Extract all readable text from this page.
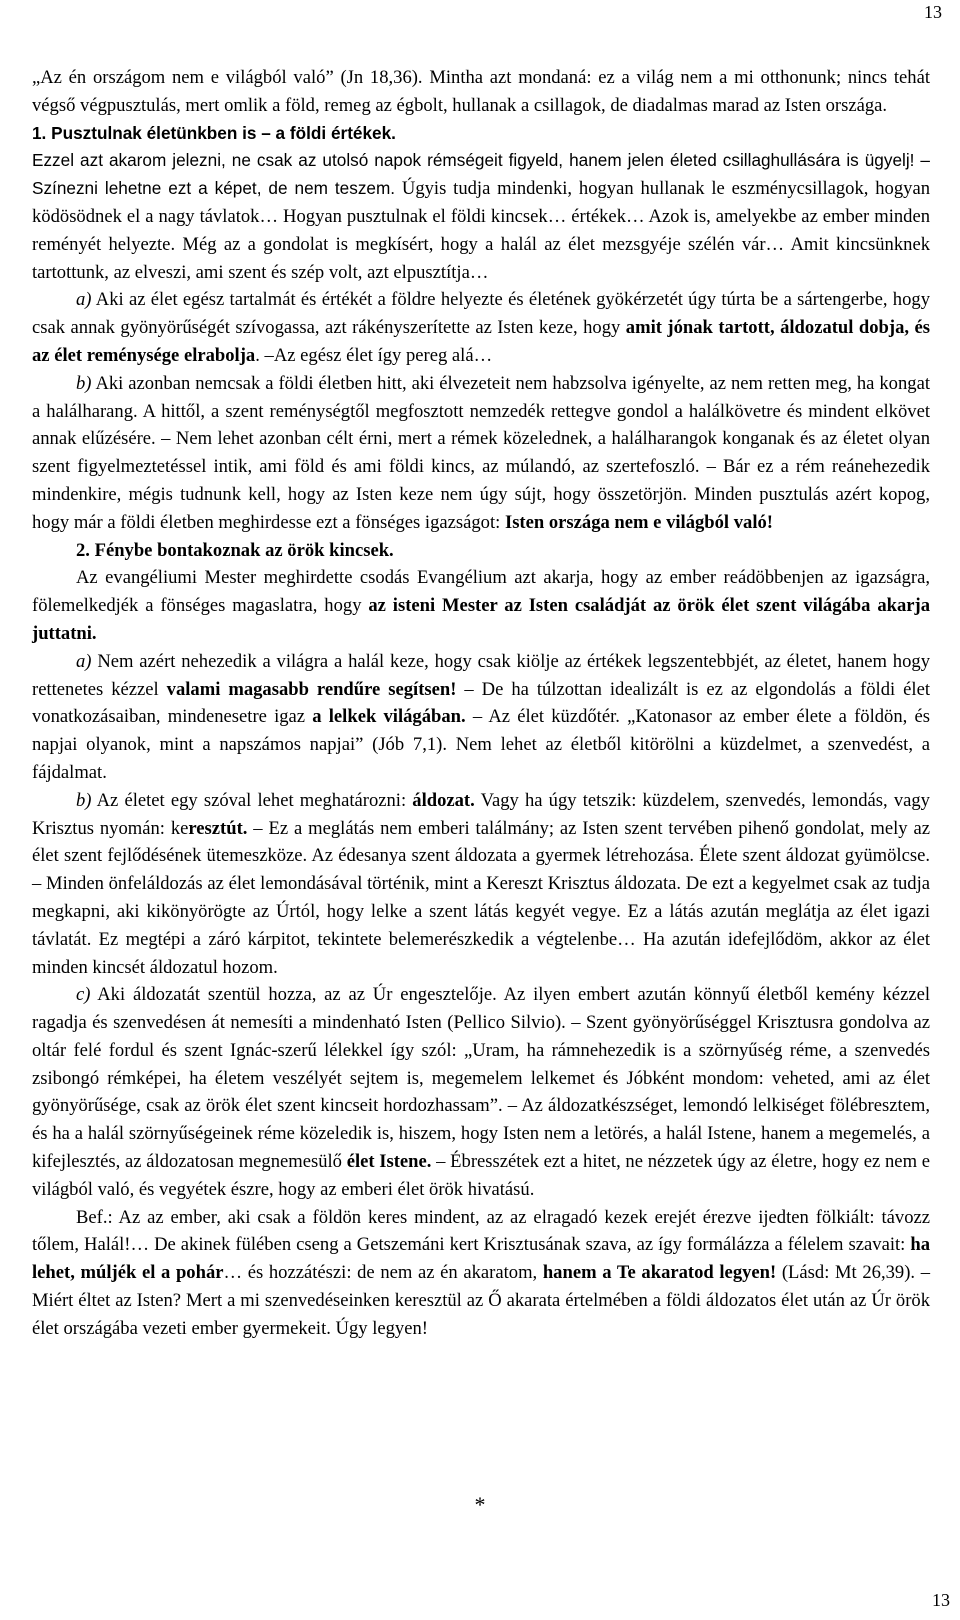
13

„Az én országom nem e világból való” (Jn 18,36). Mintha azt mondaná: ez a világ nem a mi otthonunk; nincs tehát végső végpusztulás, mert omlik a föld, remeg az égbolt, hullanak a csillagok, de diadalmas marad az Isten országa.

1. Pusztulnak életünkben is – a földi értékek.

Ezzel azt akarom jelezni, ne csak az utolsó napok rémségeit figyeld, hanem jelen életed csillaghullására is ügyelj! –Színezni lehetne ezt a képet, de nem teszem. Úgyis tudja mindenki, hogyan hullanak le eszménycsillagok, hogyan ködösödnek el a nagy távlatok… Hogyan pusztulnak el földi kincsek… értékek… Azok is, amelyekbe az ember minden reményét helyezte. Még az a gondolat is megkísért, hogy a halál az élet mezsgyéje szélén vár… Amit kincsünknek tartottunk, az elveszi, ami szent és szép volt, azt elpusztítja…

a) Aki az élet egész tartalmát és értékét a földre helyezte és életének gyökérzetét úgy túrta be a sártengerbe, hogy csak annak gyönyörűségét szívogassa, azt rákényszerítette az Isten keze, hogy amit jónak tartott, áldozatul dobja, és az élet reménysége elrabolja. –Az egész élet így pereg alá…

b) Aki azonban nemcsak a földi életben hitt, aki élvezeteit nem habzsolva igényelte, az nem retten meg, ha kongat a halálharang. A hittől, a szent reménységtől megfosztott nemzedék rettegve gondol a halálkövetre és mindent elkövet annak elűzésére. – Nem lehet azonban célt érni, mert a rémek közelednek, a halálharangok konganak és az életet olyan szent figyelmeztetéssel intik, ami föld és ami földi kincs, az múlandó, az szertefoszló. – Bár ez a rém reánehezedik mindenkire, mégis tudnunk kell, hogy az Isten keze nem úgy sújt, hogy összetörjön. Minden pusztulás azért kopog, hogy már a földi életben meghirdesse ezt a fönséges igazságot: Isten országa nem e világból való!

2. Fénybe bontakoznak az örök kincsek.

Az evangéliumi Mester meghirdette csodás Evangélium azt akarja, hogy az ember reádöbbenjen az igazságra, fölemelkedjék a fönséges magaslatra, hogy az isteni Mester az Isten családját az örök élet szent világába akarja juttatni.

a) Nem azért nehezedik a világra a halál keze, hogy csak kiölje az értékek legszentebbjét, az életet, hanem hogy rettenetes kézzel valami magasabb rendűre segítsen! – De ha túlzottan idealizált is ez az elgondolás a földi élet vonatkozásaiban, mindenesetre igaz a lelkek világában. – Az élet küzdőtér. „Katonasor az ember élete a földön, és napjai olyanok, mint a napszámos napjai” (Jób 7,1). Nem lehet az életből kitörölni a küzdelmet, a szenvedést, a fájdalmat.

b) Az életet egy szóval lehet meghatározni: áldozat. Vagy ha úgy tetszik: küzdelem, szenvedés, lemondás, vagy Krisztus nyomán: keresztút. – Ez a meglátás nem emberi találmány; az Isten szent tervében pihenő gondolat, mely az élet szent fejlődésének ütemeszköze. Az édesanya szent áldozata a gyermek létrehozása. Élete szent áldozat gyümölcse. – Minden önfeláldozás az élet lemondásával történik, mint a Kereszt Krisztus áldozata. De ezt a kegyelmet csak az tudja megkapni, aki kikönyörögte az Úrtól, hogy lelke a szent látás kegyét vegye. Ez a látás azután meglátja az élet igazi távlatát. Ez megtépi a záró kárpitot, tekintete belemerészkedik a végtelenbe… Ha azután idefejlődöm, akkor az élet minden kincsét áldozatul hozom.

c) Aki áldozatát szentül hozza, az az Úr engesztelője. Az ilyen embert azután könnyű életből kemény kézzel ragadja és szenvedésen át nemesíti a mindenható Isten (Pellico Silvio). – Szent gyönyörűséggel Krisztusra gondolva az oltár felé fordul és szent Ignác-szerű lélekkel így szól: „Uram, ha rámnehezedik is a szörnyűség réme, a szenvedés zsibongó rémképei, ha életem veszélyét sejtem is, megemelem lelkemet és Jóbként mondom: veheted, ami az élet gyönyörűsége, csak az örök élet szent kincseit hordozhassam”. – Az áldozatkészséget, lemondó lelkiséget fölébresztem, és ha a halál szörnyűségeinek réme közeledik is, hiszem, hogy Isten nem a letörés, a halál Istene, hanem a megemelés, a kifejlesztés, az áldozatosan megnemesülő élet Istene. – Ébresszétek ezt a hitet, ne nézzetek úgy az életre, hogy ez nem e világból való, és vegyétek észre, hogy az emberi élet örök hivatású.

Bef.: Az az ember, aki csak a földön keres mindent, az az elragadó kezek erejét érezve ijedten fölkiált: távozz tőlem, Halál!… De akinek fülében cseng a Getszemáni kert Krisztusának szava, az így formálázza a félelem szavait: ha lehet, múljék el a pohár… és hozzátészi: de nem az én akaratom, hanem a Te akaratod legyen! (Lásd: Mt 26,39). – Miért éltet az Isten? Mert a mi szenvedéseinken keresztül az Ő akarata értelmében a földi áldozatos élet után az Úr örök élet országába vezeti ember gyermekeit. Úgy legyen!

*
13
